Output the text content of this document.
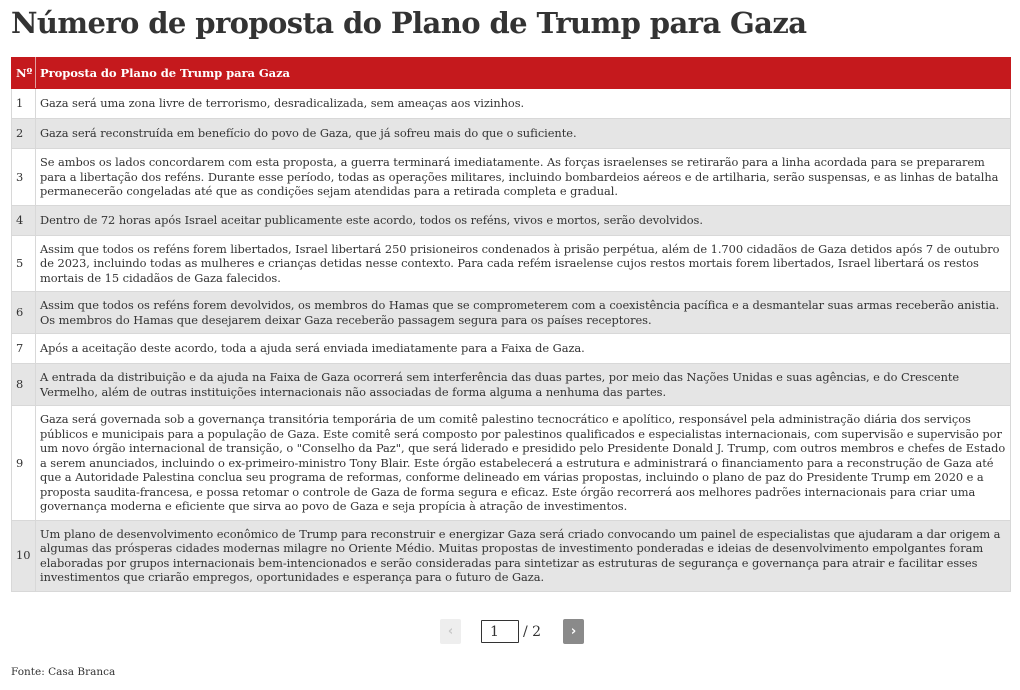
Número de proposta do Plano de Trump para Gaza
Nº	Proposta do Plano de Trump para Gaza
1	Gaza será uma zona livre de terrorismo, desradicalizada, sem ameaças aos vizinhos.
2	Gaza será reconstruída em benefício do povo de Gaza, que já sofreu mais do que o suficiente.
3	Se ambos os lados concordarem com esta proposta, a guerra terminará imediatamente. As forças israelenses se retirarão para a linha acordada para se prepararem para a libertação dos reféns. Durante esse período, todas as operações militares, incluindo bombardeios aéreos e de artilharia, serão suspensas, e as linhas de batalha permanecerão congeladas até que as condições sejam atendidas para a retirada completa e gradual.
4	Dentro de 72 horas após Israel aceitar publicamente este acordo, todos os reféns, vivos e mortos, serão devolvidos.
5	Assim que todos os reféns forem libertados, Israel libertará 250 prisioneiros condenados à prisão perpétua, além de 1.700 cidadãos de Gaza detidos após 7 de outubro de 2023, incluindo todas as mulheres e crianças detidas nesse contexto. Para cada refém israelense cujos restos mortais forem libertados, Israel libertará os restos mortais de 15 cidadãos de Gaza falecidos.
6	Assim que todos os reféns forem devolvidos, os membros do Hamas que se comprometerem com a coexistência pacífica e a desmantelar suas armas receberão anistia. Os membros do Hamas que desejarem deixar Gaza receberão passagem segura para os países receptores.
7	Após a aceitação deste acordo, toda a ajuda será enviada imediatamente para a Faixa de Gaza.
8	A entrada da distribuição e da ajuda na Faixa de Gaza ocorrerá sem interferência das duas partes, por meio das Nações Unidas e suas agências, e do Crescente Vermelho, além de outras instituições internacionais não associadas de forma alguma a nenhuma das partes.
9	Gaza será governada sob a governança transitória temporária de um comitê palestino tecnocrático e apolítico, responsável pela administração diária dos serviços públicos e municipais para a população de Gaza. Este comitê será composto por palestinos qualificados e especialistas internacionais, com supervisão e supervisão por um novo órgão internacional de transição, o "Conselho da Paz", que será liderado e presidido pelo Presidente Donald J. Trump, com outros membros e chefes de Estado a serem anunciados, incluindo o ex-primeiro-ministro Tony Blair. Este órgão estabelecerá a estrutura e administrará o financiamento para a reconstrução de Gaza até que a Autoridade Palestina conclua seu programa de reformas, conforme delineado em várias propostas, incluindo o plano de paz do Presidente Trump em 2020 e a proposta saudita-francesa, e possa retomar o controle de Gaza de forma segura e eficaz. Este órgão recorrerá aos melhores padrões internacionais para criar uma governança moderna e eficiente que sirva ao povo de Gaza e seja propícia à atração de investimentos.
10	Um plano de desenvolvimento econômico de Trump para reconstruir e energizar Gaza será criado convocando um painel de especialistas que ajudaram a dar origem a algumas das prósperas cidades modernas milagre no Oriente Médio. Muitas propostas de investimento ponderadas e ideias de desenvolvimento empolgantes foram elaboradas por grupos internacionais bem-intencionados e serão consideradas para sintetizar as estruturas de segurança e governança para atrair e facilitar esses investimentos que criarão empregos, oportunidades e esperança para o futuro de Gaza.
‹
1	/ 2 ›
Fonte: Casa Branca
